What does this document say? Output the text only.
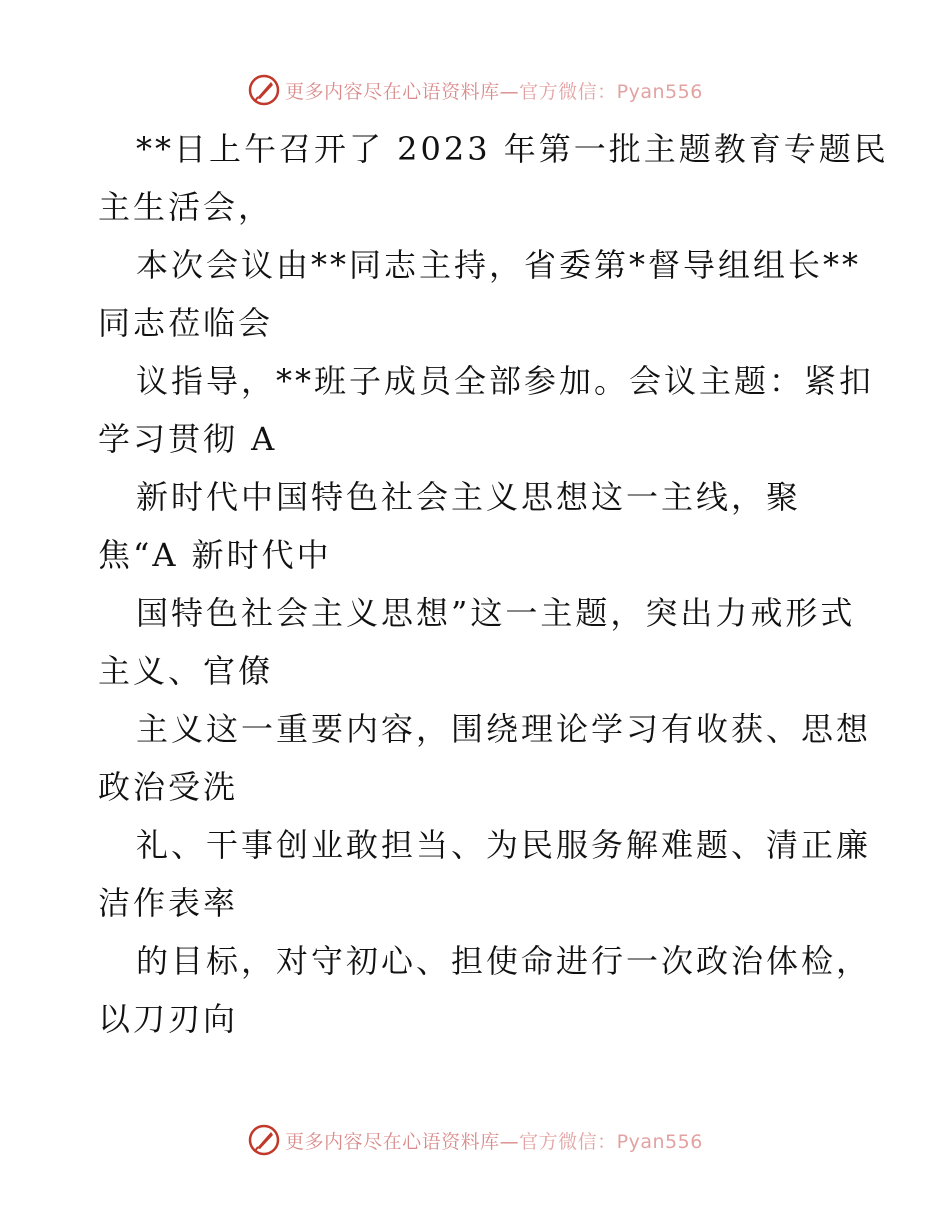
更多内容尽在心语资料库— 官方微信：Pyan556
**日上午召开了 2023 年第一批主题教育专题民
主生活会，
本次会议由**同志主持，省委第*督导组组长**
同志莅临会
议指导，**班子成员全部参加。会议主题：紧扣
学习贯彻 A
新时代中国特色社会主义思想这一主线，聚
焦“A 新时代中
国特色社会主义思想”这一主题，突出力戒形式
主义、官僚
主义这一重要内容，围绕理论学习有收获、思想
政治受洗
礼、干事创业敢担当、为民服务解难题、清正廉
洁作表率
的目标，对守初心、担使命进行一次政治体检，
以刀刃向
更多内容尽在心语资料库— 官方微信：Pyan556
